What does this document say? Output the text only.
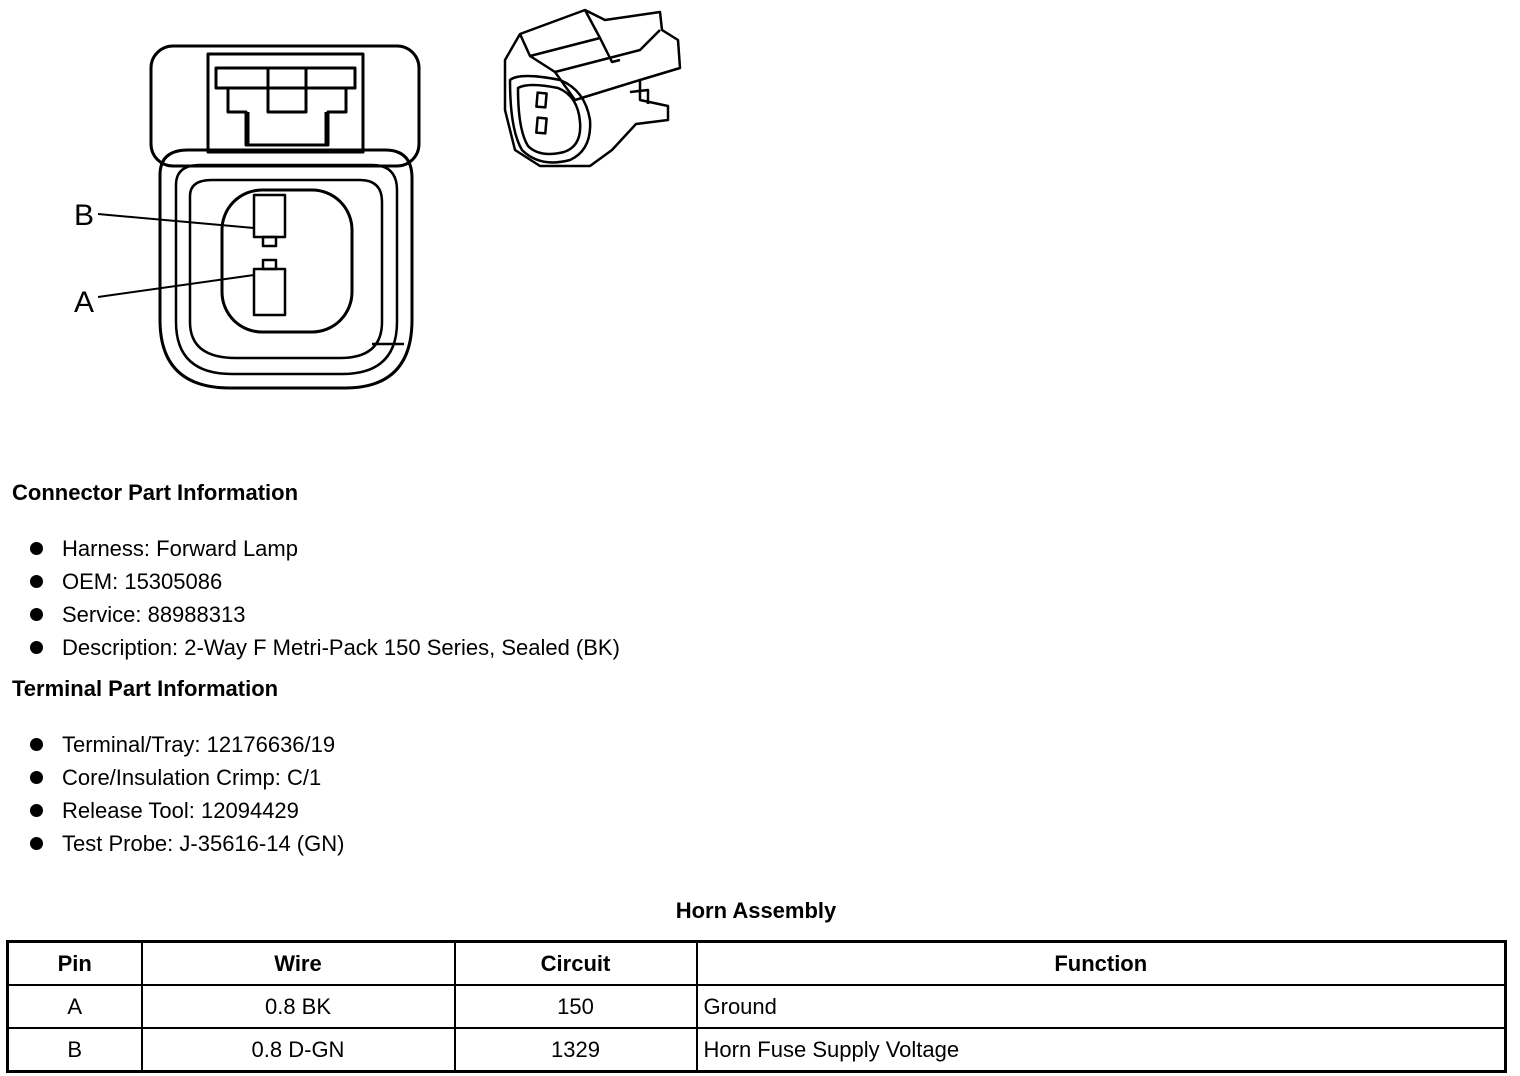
B
A
Connector Part Information
Harness: Forward Lamp
OEM: 15305086
Service: 88988313
Description: 2-Way F Metri-Pack 150 Series, Sealed (BK)
Terminal Part Information
Terminal/Tray: 12176636/19
Core/Insulation Crimp: C/1
Release Tool: 12094429
Test Probe: J-35616-14 (GN)
Horn Assembly
Pin	Wire	Circuit	Function
A	0.8 BK	150	Ground
B	0.8 D-GN	1329	Horn Fuse Supply Voltage
